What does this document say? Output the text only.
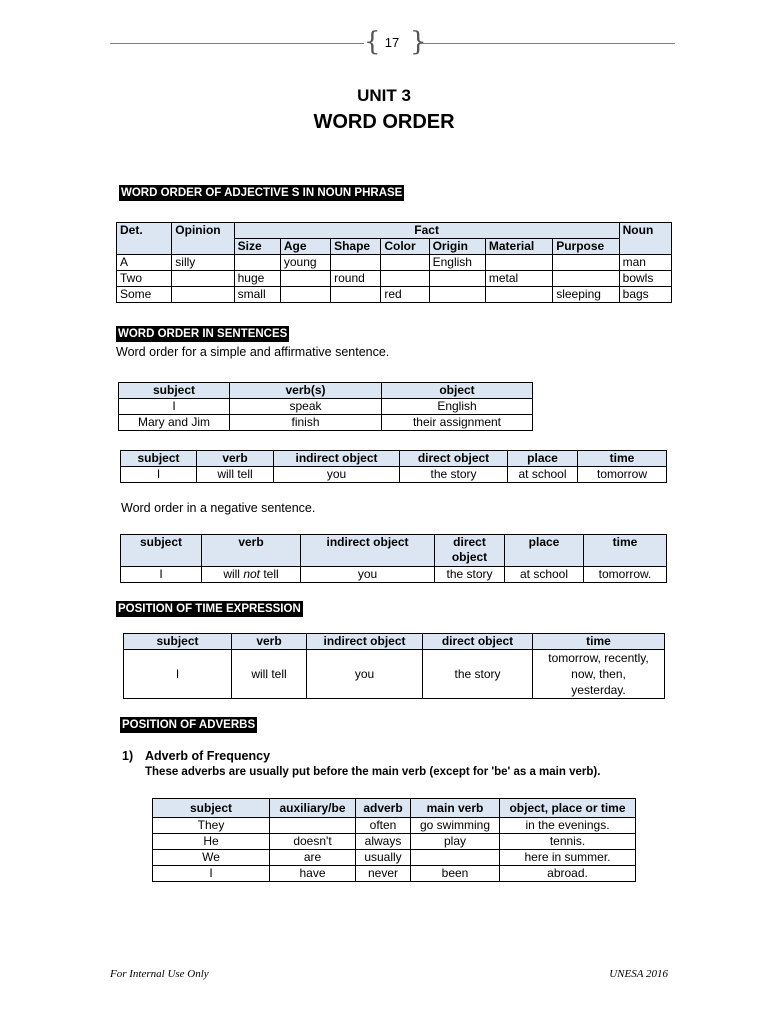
{ }
17
UNIT 3
WORD ORDER
WORD ORDER OF ADJECTIVE S IN NOUN PHRASE
Det.	Opinion	Fact							Noun
		Size	Age	Shape	Color	Origin	Material	Purpose	
A	silly		young			English			man
Two		huge		round			metal		bowls
Some		small			red			sleeping	bags
WORD ORDER IN SENTENCES
Word order for a simple and affirmative sentence.
subject	verb(s)	object
I	speak	English
Mary and Jim	finish	their assignment
subject	verb	indirect object	direct object	place	time
I	will tell	you	the story	at school	tomorrow
Word order in a negative sentence.
subject	verb	indirect object	direct object	place	time
I	will not tell	you	the story	at school	tomorrow.
POSITION OF TIME EXPRESSION
subject	verb	indirect object	direct object	time
I	will tell	you	the story	tomorrow, recently,
now, then,
yesterday.
POSITION OF ADVERBS
1) Adverb of Frequency
These adverbs are usually put before the main verb (except for 'be' as a main verb).
subject	auxiliary/be	adverb	main verb	object, place or time
They		often	go swimming	in the evenings.
He	doesn't	always	play	tennis.
We	are	usually		here in summer.
I	have	never	been	abroad.
For Internal Use Only	UNESA 2016
